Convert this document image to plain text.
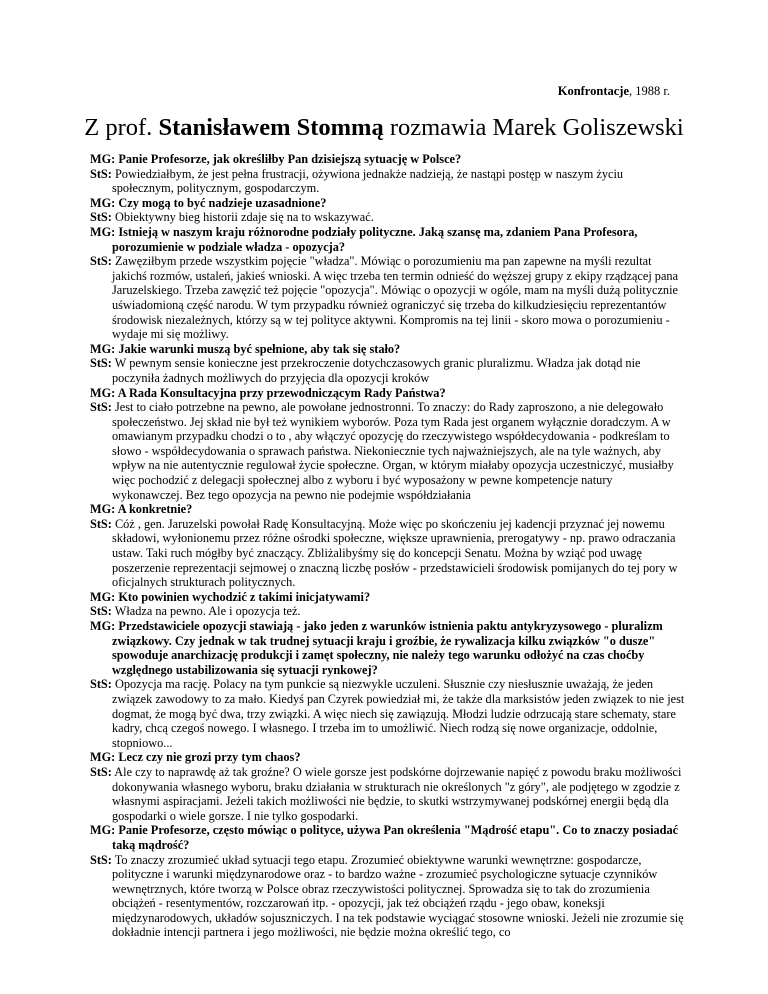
Konfrontacje, 1988 r.
Z prof. Stanisławem Stommą rozmawia Marek Goliszewski

MG: Panie Profesorze, jak określiłby Pan dzisiejszą sytuację w Polsce?

StS: Powiedziałbym, że jest pełna frustracji, ożywiona jednakże nadzieją, że nastąpi postęp w naszym życiu społecznym, politycznym, gospodarczym.

MG: Czy mogą to być nadzieje uzasadnione?

StS: Obiektywny bieg historii zdaje się na to wskazywać.

MG: Istnieją w naszym kraju różnorodne podziały polityczne. Jaką szansę ma, zdaniem Pana Profesora, porozumienie w podziale władza - opozycja?

StS: Zawęziłbym przede wszystkim pojęcie "władza". Mówiąc o porozumieniu ma pan zapewne na myśli rezultat jakichś rozmów, ustaleń, jakieś wnioski. A więc trzeba ten termin odnieść do węższej grupy z ekipy rządzącej pana Jaruzelskiego. Trzeba zawęzić też pojęcie "opozycja". Mówiąc o opozycji w ogóle, mam na myśli dużą politycznie uświadomioną część narodu. W tym przypadku również ograniczyć się trzeba do kilkudziesięciu reprezentantów środowisk niezależnych, którzy są w tej polityce aktywni. Kompromis na tej linii - skoro mowa o porozumieniu - wydaje mi się możliwy.

MG: Jakie warunki muszą być spełnione, aby tak się stało?

StS: W pewnym sensie konieczne jest przekroczenie dotychczasowych granic pluralizmu. Władza jak dotąd nie poczyniła żadnych możliwych do przyjęcia dla opozycji kroków

MG: A Rada Konsultacyjna przy przewodniczącym Rady Państwa?

StS: Jest to ciało potrzebne na pewno, ale powołane jednostronni. To znaczy: do Rady zaproszono, a nie delegowało społeczeństwo. Jej skład nie był też wynikiem wyborów. Poza tym Rada jest organem wyłącznie doradczym. A w omawianym przypadku chodzi o to , aby włączyć opozycję do rzeczywistego współdecydowania - podkreślam to słowo - współdecydowania o sprawach państwa. Niekoniecznie tych najważniejszych, ale na tyle ważnych, aby wpływ na nie autentycznie regulował życie społeczne. Organ, w którym miałaby opozycja uczestniczyć, musiałby więc pochodzić z delegacji społecznej albo z wyboru i być wyposażony w pewne kompetencje natury wykonawczej. Bez tego opozycja na pewno nie podejmie współdziałania

MG: A konkretnie?

StS: Cóż , gen. Jaruzelski powołał Radę Konsultacyjną. Może więc po skończeniu jej kadencji przyznać jej nowemu składowi, wyłonionemu przez różne ośrodki społeczne, większe uprawnienia, prerogatywy - np. prawo odraczania ustaw. Taki ruch mógłby być znaczący. Zbliżalibyśmy się do koncepcji Senatu. Można by wziąć pod uwagę poszerzenie reprezentacji sejmowej o znaczną liczbę posłów - przedstawicieli środowisk pomijanych do tej pory w oficjalnych strukturach politycznych.

MG: Kto powinien wychodzić z takimi inicjatywami?

StS: Władza na pewno. Ale i opozycja też.

MG: Przedstawiciele opozycji stawiają - jako jeden z warunków istnienia paktu antykryzysowego - pluralizm związkowy. Czy jednak w tak trudnej sytuacji kraju i groźbie, że rywalizacja kilku związków "o dusze" spowoduje anarchizację produkcji i zamęt społeczny, nie należy tego warunku odłożyć na czas choćby względnego ustabilizowania się sytuacji rynkowej?

StS: Opozycja ma rację. Polacy na tym punkcie są niezwykle uczuleni. Słusznie czy niesłusznie uważają, że jeden związek zawodowy to za mało. Kiedyś pan Czyrek powiedział mi, że także dla marksistów jeden związek to nie jest dogmat, że mogą być dwa, trzy związki. A więc niech się zawiązują. Młodzi ludzie odrzucają stare schematy, stare kadry, chcą czegoś nowego. I własnego. I trzeba im to umożliwić. Niech rodzą się nowe organizacje, oddolnie, stopniowo...

MG: Lecz czy nie grozi przy tym chaos?

StS: Ale czy to naprawdę aż tak groźne? O wiele gorsze jest podskórne dojrzewanie napięć z powodu braku możliwości dokonywania własnego wyboru, braku działania w strukturach nie określonych "z góry", ale podjętego w zgodzie z własnymi aspiracjami. Jeżeli takich możliwości nie będzie, to skutki wstrzymywanej podskórnej energii będą dla gospodarki o wiele gorsze. I nie tylko gospodarki.

MG: Panie Profesorze, często mówiąc o polityce, używa Pan określenia "Mądrość etapu". Co to znaczy posiadać taką mądrość?

StS: To znaczy zrozumieć układ sytuacji tego etapu. Zrozumieć obiektywne warunki wewnętrzne: gospodarcze, polityczne i warunki międzynarodowe oraz - to bardzo ważne - zrozumieć psychologiczne sytuacje czynników wewnętrznych, które tworzą w Polsce obraz rzeczywistości politycznej. Sprowadza się to tak do zrozumienia obciążeń - resentymentów, rozczarowań itp. - opozycji, jak też obciążeń rządu - jego obaw, koneksji międzynarodowych, układów sojuszniczych. I na tek podstawie wyciągać stosowne wnioski. Jeżeli nie zrozumie się dokładnie intencji partnera i jego możliwości, nie będzie można określić tego, co
